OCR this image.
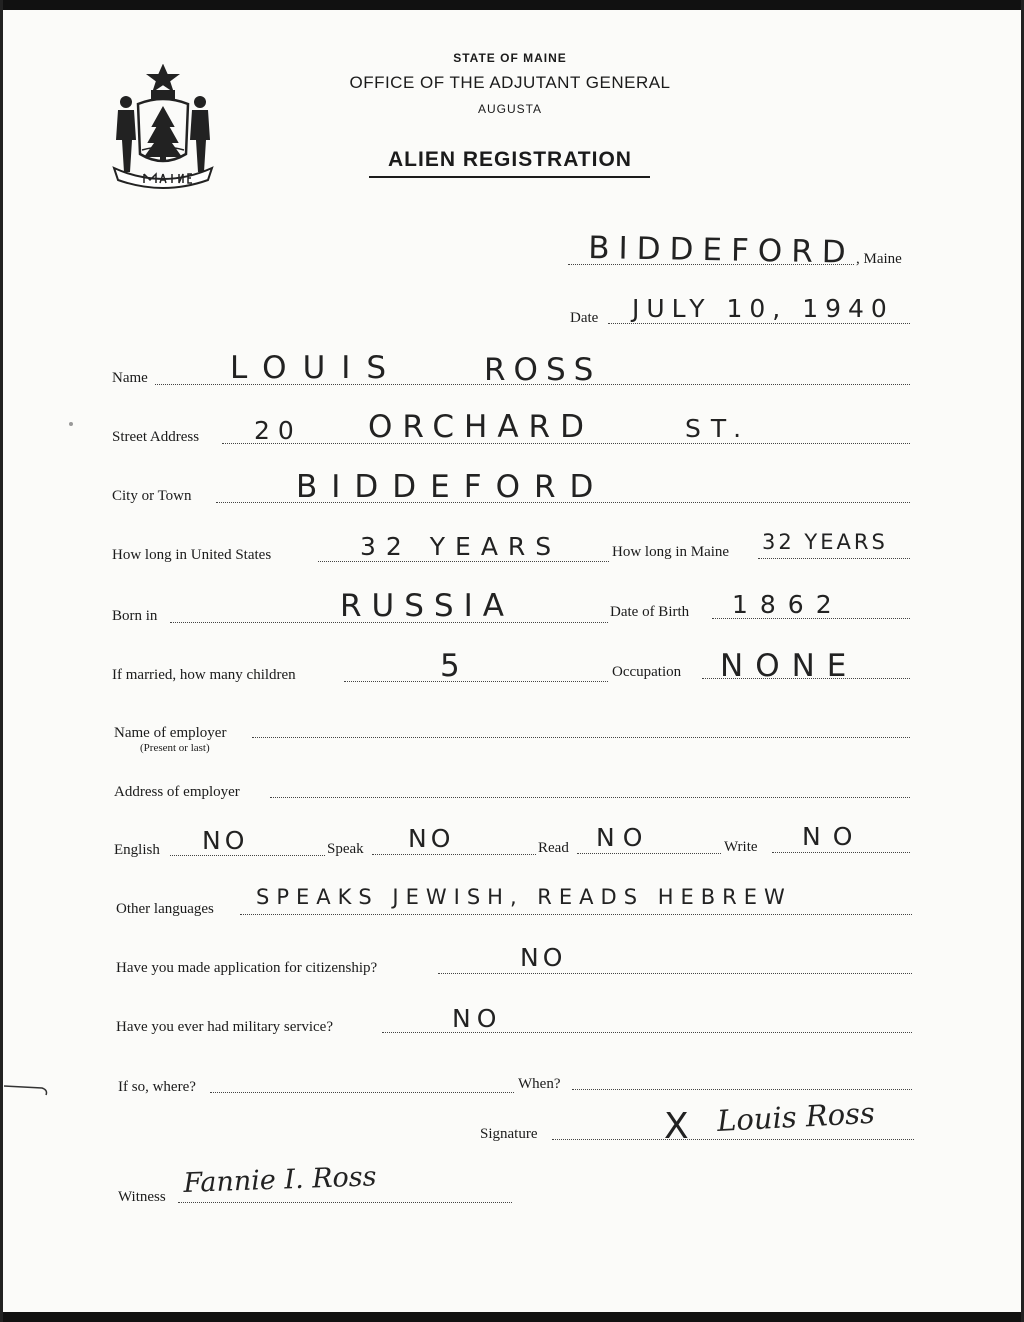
STATE OF MAINE
OFFICE OF THE ADJUTANT GENERAL
AUGUSTA
ALIEN REGISTRATION
BIDDEFORD , Maine
Date JULY 10, 1940
Name	LOUIS	ROSS
Street Address 20 ORCHARD	ST.
City or Town	BIDDEFORD
How long in United States	32 YEARS	How long in Maine 32 YEARS
Born in	RUSSIA	Date of Birth 1862
If married, how many children	5	Occupation NONE
Name of employer
(Present or last)
Address of employer
English NO	Speak NO	Read NO	Write NO
Other languages SPEAKS JEWISH, READS HEBREW
Have you made application for citizenship?	NO
Have you ever had military service?	NO
If so, where?	When?
Signature	X Louis Ross
Witness Fannie I. Ross
